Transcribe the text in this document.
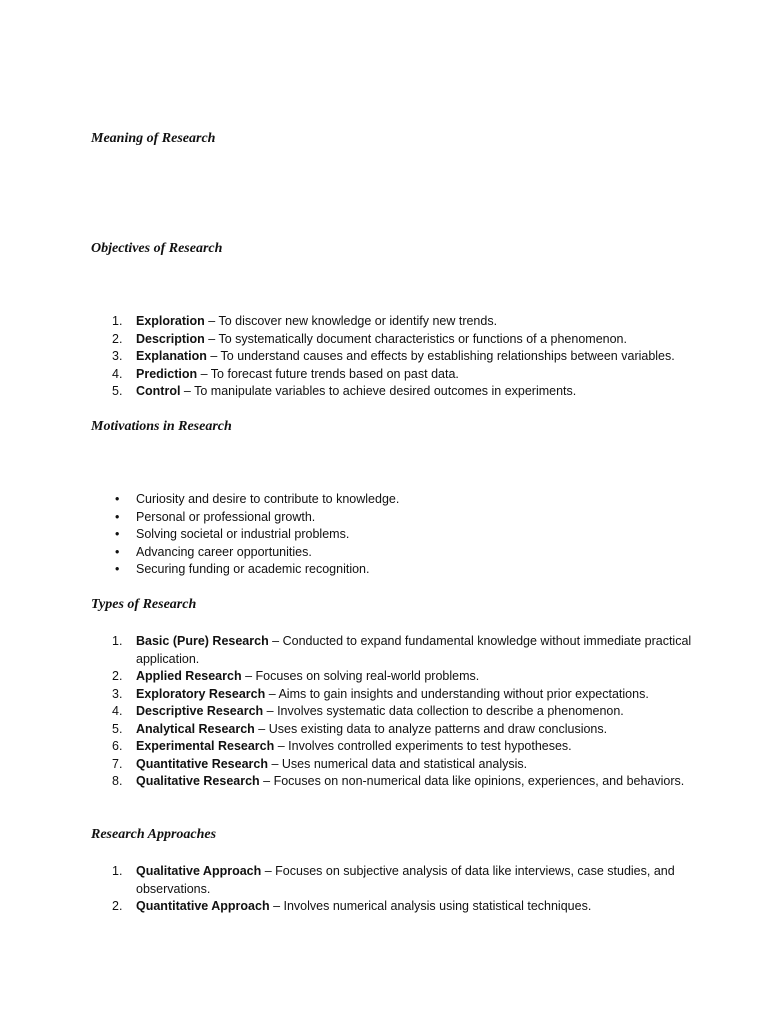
Meaning of Research
Objectives of Research
1. Exploration – To discover new knowledge or identify new trends.
2. Description – To systematically document characteristics or functions of a phenomenon.
3. Explanation – To understand causes and effects by establishing relationships between variables.
4. Prediction – To forecast future trends based on past data.
5. Control – To manipulate variables to achieve desired outcomes in experiments.
Motivations in Research
• Curiosity and desire to contribute to knowledge.
• Personal or professional growth.
• Solving societal or industrial problems.
• Advancing career opportunities.
• Securing funding or academic recognition.
Types of Research
1. Basic (Pure) Research – Conducted to expand fundamental knowledge without immediate practical application.
2. Applied Research – Focuses on solving real-world problems.
3. Exploratory Research – Aims to gain insights and understanding without prior expectations.
4. Descriptive Research – Involves systematic data collection to describe a phenomenon.
5. Analytical Research – Uses existing data to analyze patterns and draw conclusions.
6. Experimental Research – Involves controlled experiments to test hypotheses.
7. Quantitative Research – Uses numerical data and statistical analysis.
8. Qualitative Research – Focuses on non-numerical data like opinions, experiences, and behaviors.
Research Approaches
1. Qualitative Approach – Focuses on subjective analysis of data like interviews, case studies, and observations.
2. Quantitative Approach – Involves numerical analysis using statistical techniques.
